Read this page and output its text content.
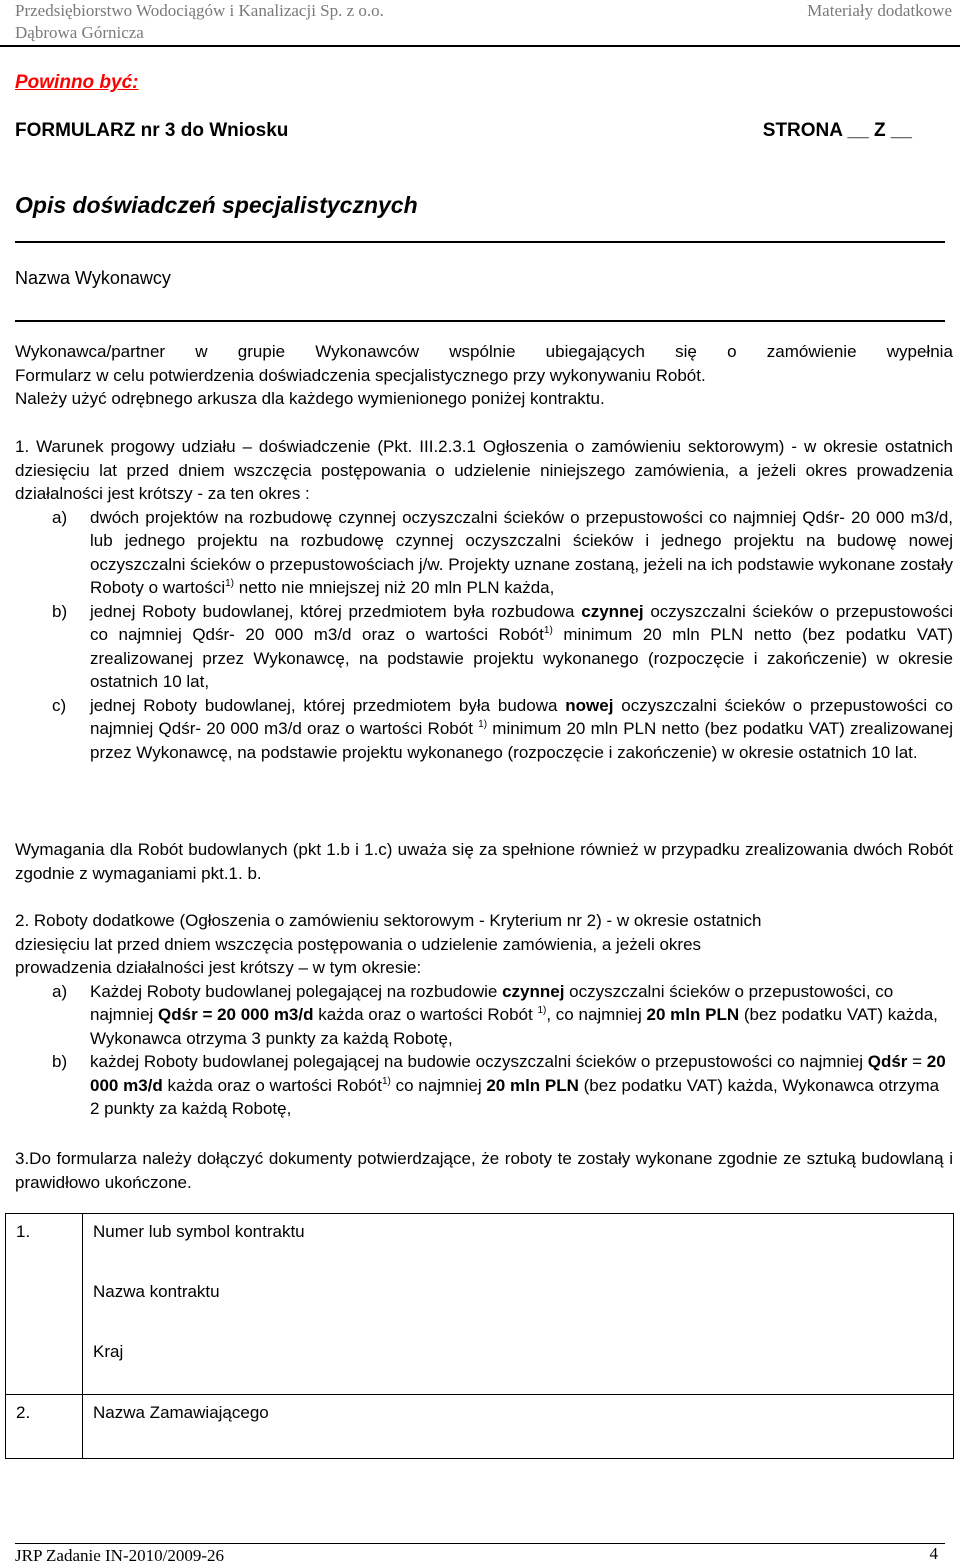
Przedsiębiorstwo Wodociągów i Kanalizacji Sp. z o.o.
Dąbrowa Górnicza
Materiały dodatkowe
Powinno być:
FORMULARZ nr 3 do Wniosku	STRONA __ Z __
Opis doświadczeń specjalistycznych
Nazwa Wykonawcy
Wykonawca/partner w grupie Wykonawców wspólnie ubiegających się o zamówienie wypełnia
Formularz w celu potwierdzenia doświadczenia specjalistycznego przy wykonywaniu Robót.
Należy użyć odrębnego arkusza dla każdego wymienionego poniżej kontraktu.
1. Warunek progowy udziału – doświadczenie (Pkt. III.2.3.1 Ogłoszenia o zamówieniu sektorowym) - w okresie ostatnich dziesięciu lat przed dniem wszczęcia postępowania o udzielenie niniejszego zamówienia, a jeżeli okres prowadzenia działalności jest krótszy - za ten okres :
a) dwóch projektów na rozbudowę czynnej oczyszczalni ścieków o przepustowości co najmniej Qdśr- 20 000 m3/d, lub jednego projektu na rozbudowę czynnej oczyszczalni ścieków i jednego projektu na budowę nowej oczyszczalni ścieków o przepustowościach j/w. Projekty uznane zostaną, jeżeli na ich podstawie wykonane zostały Roboty o wartości$^{1)}$ netto nie mniejszej niż 20 mln PLN każda,
b) jednej Roboty budowlanej, której przedmiotem była rozbudowa czynnej oczyszczalni ścieków o przepustowości co najmniej Qdśr- 20 000 m3/d oraz o wartości Robót$^{1)}$ minimum 20 mln PLN netto (bez podatku VAT) zrealizowanej przez Wykonawcę, na podstawie projektu wykonanego (rozpoczęcie i zakończenie) w okresie ostatnich 10 lat,
c) jednej Roboty budowlanej, której przedmiotem była budowa nowej oczyszczalni ścieków o przepustowości co najmniej Qdśr- 20 000 m3/d oraz o wartości Robót $^{1)}$ minimum 20 mln PLN netto (bez podatku VAT) zrealizowanej przez Wykonawcę, na podstawie projektu wykonanego (rozpoczęcie i zakończenie) w okresie ostatnich 10 lat.
Wymagania dla Robót budowlanych (pkt 1.b i 1.c) uważa się za spełnione również w przypadku zrealizowania dwóch Robót zgodnie z wymaganiami pkt.1. b.
2. Roboty dodatkowe (Ogłoszenia o zamówieniu sektorowym - Kryterium nr 2) - w okresie ostatnich
dziesięciu lat przed dniem wszczęcia postępowania o udzielenie zamówienia, a jeżeli okres
prowadzenia działalności jest krótszy – w tym okresie:
a) Każdej Roboty budowlanej polegającej na rozbudowie czynnej oczyszczalni ścieków o przepustowości, co najmniej Qdśr = 20 000 m3/d każda oraz o wartości Robót $^{1)}$, co najmniej 20 mln PLN (bez podatku VAT) każda, Wykonawca otrzyma 3 punkty za każdą Robotę,
b) każdej Roboty budowlanej polegającej na budowie oczyszczalni ścieków o przepustowości co najmniej Qdśr = 20 000 m3/d każda oraz o wartości Robót$^{1)}$ co najmniej 20 mln PLN (bez podatku VAT) każda, Wykonawca otrzyma 2 punkty za każdą Robotę,
3.Do formularza należy dołączyć dokumenty potwierdzające, że roboty te zostały wykonane zgodnie ze sztuką budowlaną i prawidłowo ukończone.
1.	Numer lub symbol kontraktu
Nazwa kontraktu
Kraj

2.	Nazwa Zamawiającego
JRP Zadanie IN-2010/2009-26	4
